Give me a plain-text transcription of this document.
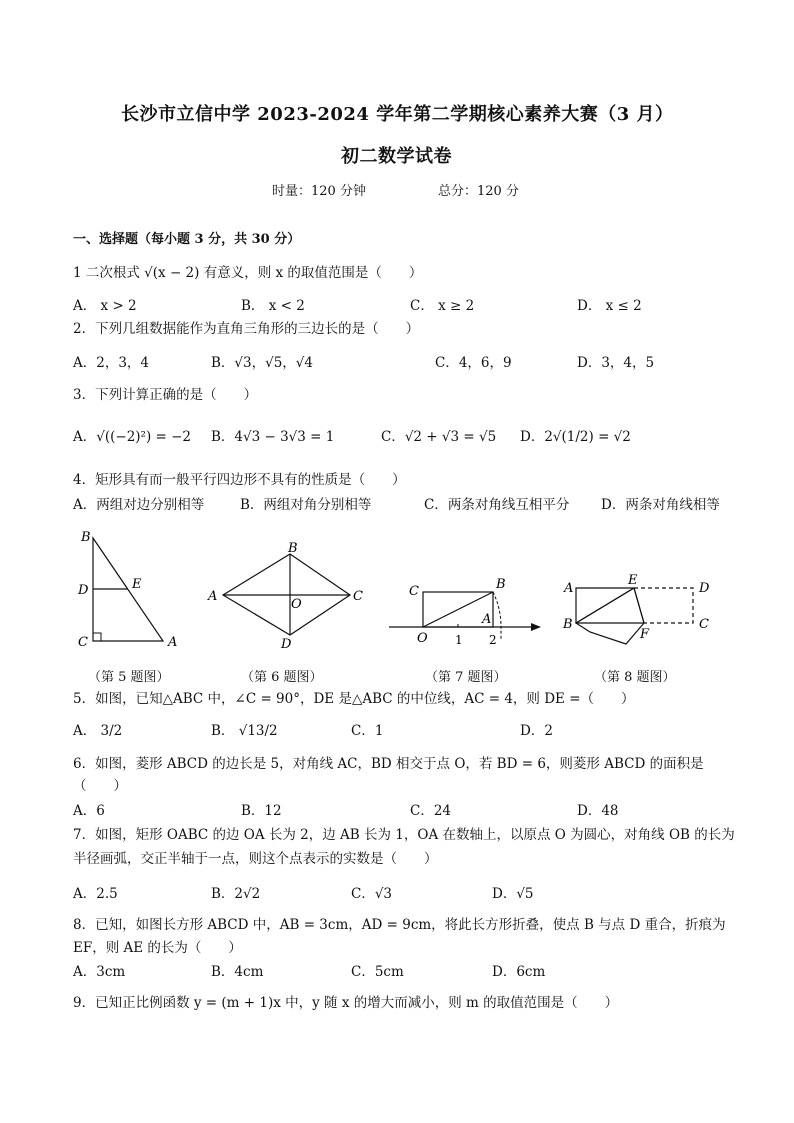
长沙市立信中学 2023-2024 学年第二学期核心素养大赛（3 月）
初二数学试卷
时量：120 分钟	总分：120 分
一、选择题（每小题 3 分，共 30 分）
1 二次根式 √(x − 2) 有意义，则 x 的取值范围是（　　）
A． x > 2	B． x < 2	C． x ≥ 2	D． x ≤ 2
2．下列几组数据能作为直角三角形的三边长的是（　　）
A．2，3，4	B．√3，√5，√4	C．4，6，9	D．3，4，5
3．下列计算正确的是（　　）
A．√((−2)²) = −2 B．4√3 − 3√3 = 1	C．√2 + √3 = √5 D．2√(1/2) = √2
4．矩形具有而一般平行四边形不具有的性质是（　　）
A．两组对边分别相等	B．两组对角分别相等	C．两条对角线互相平分 D．两条对角线相等
B
D	E
C	A
B
A
O
C
D
C	B
A
O 1 2
A
E
D
B
F
C
（第 5 题图）	（第 6 题图）	（第 7 题图）	（第 8 题图）
5．如图，已知△ABC 中，∠C = 90°，DE 是△ABC 的中位线，AC = 4，则 DE =（　　）
A． 3/2	B． √13/2	C．1	D．2
6．如图，菱形 ABCD 的边长是 5，对角线 AC，BD 相交于点 O，若 BD = 6，则菱形 ABCD 的面积是
（　　）
A．6	B．12	C．24	D．48
7．如图，矩形 OABC 的边 OA 长为 2，边 AB 长为 1，OA 在数轴上，以原点 O 为圆心，对角线 OB 的长为
半径画弧，交正半轴于一点，则这个点表示的实数是（　　）
A．2.5	B．2√2	C．√3	D．√5
8．已知，如图长方形 ABCD 中，AB = 3cm，AD = 9cm，将此长方形折叠，使点 B 与点 D 重合，折痕为
EF，则 AE 的长为（　　）
A．3cm	B．4cm	C．5cm	D．6cm
9．已知正比例函数 y = (m + 1)x 中，y 随 x 的增大而减小，则 m 的取值范围是（　　）
